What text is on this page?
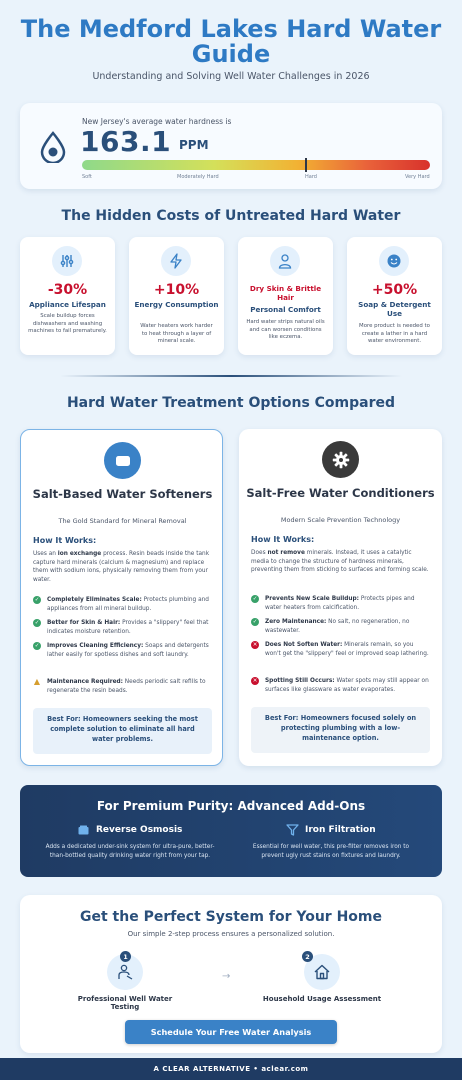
The Medford Lakes Hard Water Guide
Understanding and Solving Well Water Challenges in 2026
New Jersey's average water hardness is
163.1 PPM
Soft	Moderately Hard	Hard	Very Hard
The Hidden Costs of Untreated Hard Water
-30%
Appliance Lifespan
Scale buildup forces dishwashers and washing machines to fail prematurely.
+10%
Energy Consumption
Water heaters work harder to heat through a layer of mineral scale.
Dry Skin & Brittle Hair
Personal Comfort
Hard water strips natural oils and can worsen conditions like eczema.
+50%
Soap & Detergent Use
More product is needed to create a lather in a hard water environment.
Hard Water Treatment Options Compared
Salt-Based Water Softeners
The Gold Standard for Mineral Removal
How It Works:
Uses an ion exchange process. Resin beads inside the tank capture hard minerals (calcium & magnesium) and replace them with sodium ions, physically removing them from your water.
✓ Completely Eliminates Scale: Protects plumbing and appliances from all mineral buildup.
✓ Better for Skin & Hair: Provides a "slippery" feel that indicates moisture retention.
✓ Improves Cleaning Efficiency: Soaps and detergents lather easily for spotless dishes and soft laundry.
▲ Maintenance Required: Needs periodic salt refills to regenerate the resin beads.
Best For: Homeowners seeking the most complete solution to eliminate all hard water problems.
Salt-Free Water Conditioners
Modern Scale Prevention Technology
How It Works:
Does not remove minerals. Instead, it uses a catalytic media to change the structure of hardness minerals, preventing them from sticking to surfaces and forming scale.
✓ Prevents New Scale Buildup: Protects pipes and water heaters from calcification.
✓ Zero Maintenance: No salt, no regeneration, no wastewater.
✕ Does Not Soften Water: Minerals remain, so you won't get the "slippery" feel or improved soap lathering.
✕ Spotting Still Occurs: Water spots may still appear on surfaces like glassware as water evaporates.
Best For: Homeowners focused solely on protecting plumbing with a low-maintenance option.
For Premium Purity: Advanced Add-Ons
Reverse Osmosis
Adds a dedicated under-sink system for ultra-pure, better-than-bottled quality drinking water right from your tap.
Iron Filtration
Essential for well water, this pre-filter removes iron to prevent ugly rust stains on fixtures and laundry.
Get the Perfect System for Your Home
Our simple 2-step process ensures a personalized solution.
1
Professional Well Water Testing
→
2
Household Usage Assessment
Schedule Your Free Water Analysis
A CLEAR ALTERNATIVE • aclear.com
